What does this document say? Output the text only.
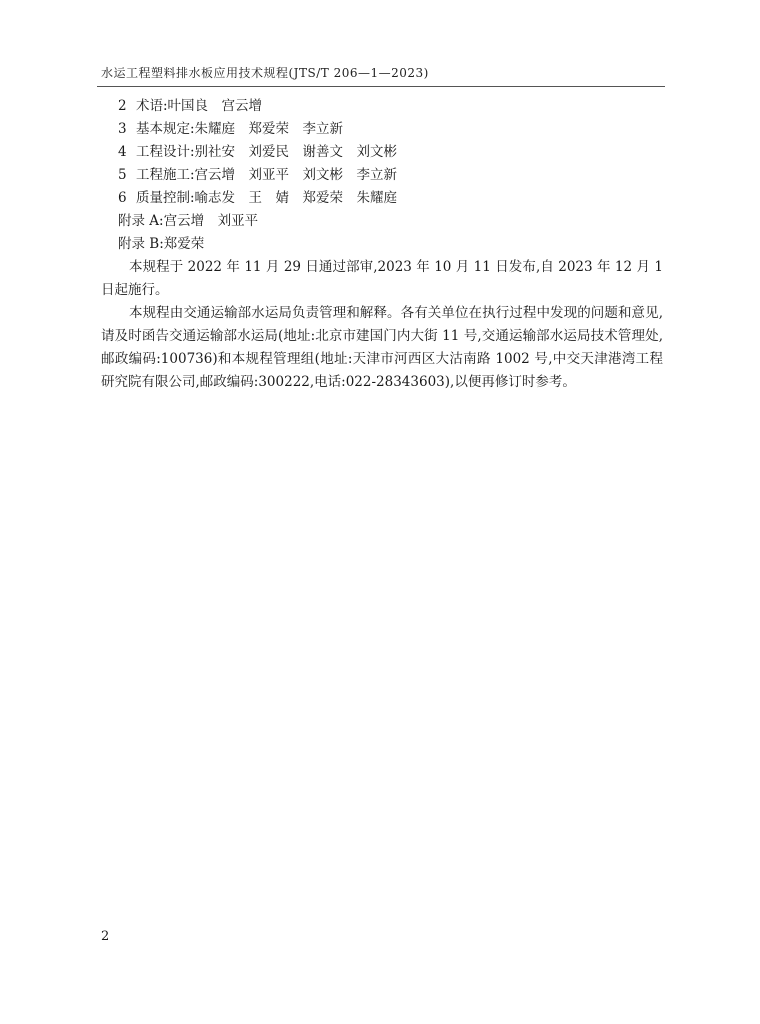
水运工程塑料排水板应用技术规程(JTS/T 206—1—2023)

2 术语:叶国良　宫云增

3 基本规定:朱耀庭　郑爱荣　李立新

4 工程设计:别社安　刘爱民　谢善文　刘文彬

5 工程施工:宫云增　刘亚平　刘文彬　李立新

6 质量控制:喻志发　王　婧　郑爱荣　朱耀庭

附录 A:宫云增　刘亚平

附录 B:郑爱荣

本规程于 2022 年 11 月 29 日通过部审,2023 年 10 月 11 日发布,自 2023 年 12 月 1 日起施行。

本规程由交通运输部水运局负责管理和解释。各有关单位在执行过程中发现的问题和意见,请及时函告交通运输部水运局(地址:北京市建国门内大街 11 号,交通运输部水运局技术管理处,邮政编码:100736)和本规程管理组(地址:天津市河西区大沽南路 1002 号,中交天津港湾工程研究院有限公司,邮政编码:300222,电话:022-28343603),以便再修订时参考。

2
